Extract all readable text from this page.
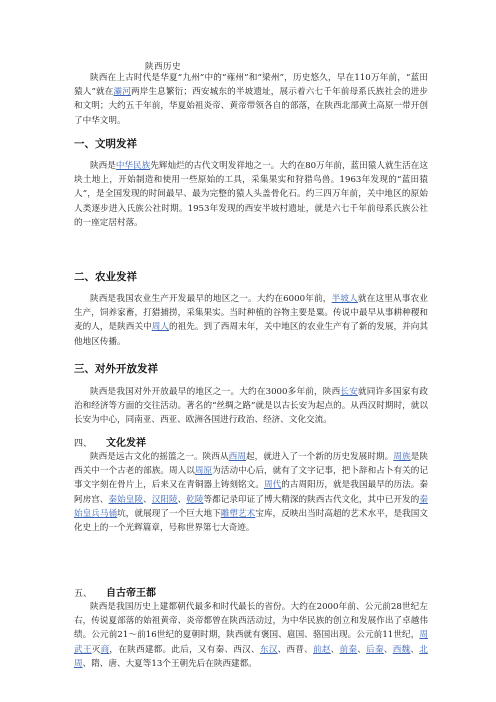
陕西历史

陕西在上古时代是华夏“九州”中的“雍州”和“梁州”，历史悠久，早在110万年前，“蓝田猿人”就在灞河两岸生息繁衍；西安城东的半坡遗址，展示着六七千年前母系氏族社会的进步和文明；大约五千年前，华夏始祖炎帝、黄帝带领各自的部落，在陕西北部黄土高原一带开创了中华文明。

一、文明发祥

陕西是中华民族先辉灿烂的古代文明发祥地之一。大约在80万年前，蓝田猿人就生活在这块土地上，开始制造和使用一些原始的工具，采集果实和狩猎鸟兽。1963年发现的“蓝田猿人”，是全国发现的时间最早、最为完整的猿人头盖骨化石。约三四万年前，关中地区的原始人类逐步进入氏族公社时期。1953年发现的西安半坡村遗址，就是六七千年前母系氏族公社的一座定居村落。

二、农业发祥

陕西是我国农业生产开发最早的地区之一。大约在6000年前，半坡人就在这里从事农业生产，饲养家畜，打猎捕捞，采集果实。当时种植的谷物主要是粟。传说中最早从事耕种稷和麦的人，是陕西关中周人的祖先。到了西周末年，关中地区的农业生产有了新的发展，并向其他地区传播。

三、对外开放发祥

陕西是我国对外开放最早的地区之一。大约在3000多年前，陕西长安就同许多国家有政治和经济等方面的交往活动。著名的“丝绸之路”就是以古长安为起点的。从西汉时期时，就以长安为中心，同南亚、西亚、欧洲各国进行政治、经济、文化交流。

四、 文化发祥

陕西是远古文化的摇篮之一。陕西从西周起，就进入了一个新的历史发展时期。周族是陕西关中一个古老的部族。周人以周原为活动中心后，就有了文字记事，把卜辞和占卜有关的记事文字刻在骨片上，后来又在青铜器上铸刻铭文。周代的古周阳历，就是我国最早的历法。秦阿房宫、秦始皇陵、汉阳陵、乾陵等都记录印证了博大精深的陕西古代文化，其中已开发的秦始皇兵马俑坑，就展现了一个巨大地下雕塑艺术宝库，反映出当时高超的艺术水平，是我国文化史上的一个光辉篇章，号称世界第七大奇迹。

五、 自古帝王都

陕西是我国历史上建都朝代最多和时代最长的省份。大约在2000年前、公元前28世纪左右，传说夏部落的始祖黄帝、炎帝都曾在陕西活动过，为中华民族的创立和发展作出了卓越伟绩。公元前21～前16世纪的夏朝时期，陕西就有褒国、扈国、骆国出现。公元前11世纪，周武王灭商，在陕西建都。此后，又有秦、西汉、东汉、西晋、前赵、前秦、后秦、西魏、北周、隋、唐、大夏等13个王朝先后在陕西建都。
